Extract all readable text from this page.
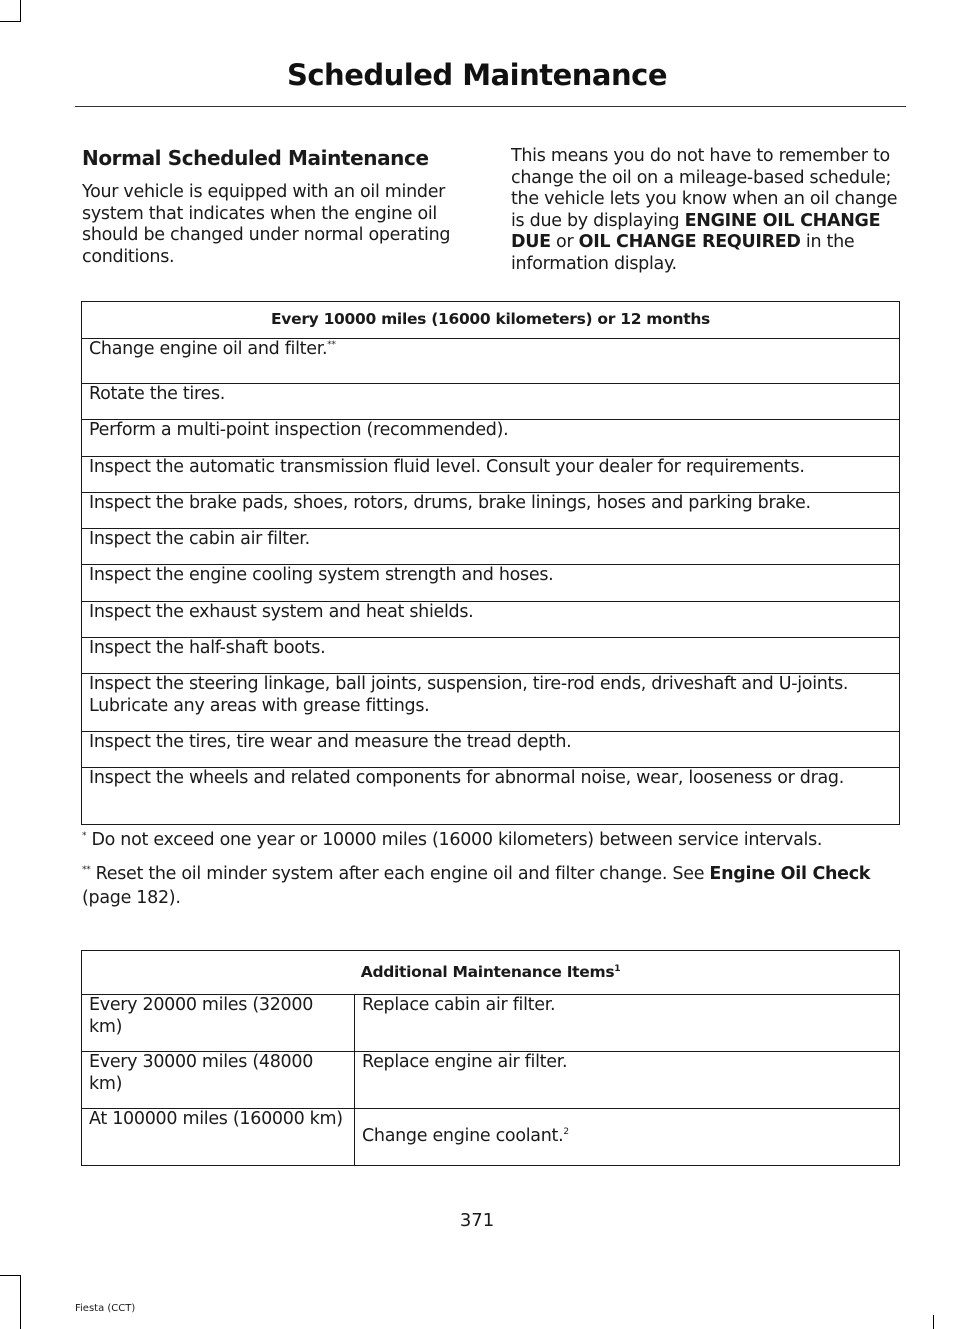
Scheduled Maintenance
Normal Scheduled Maintenance

Your vehicle is equipped with an oil minder system that indicates when the engine oil should be changed under normal operating conditions.

This means you do not have to remember to change the oil on a mileage-based schedule; the vehicle lets you know when an oil change is due by displaying ENGINE OIL CHANGE DUE or OIL CHANGE REQUIRED in the information display.

Every 10000 miles (16000 kilometers) or 12 months
Change engine oil and filter.**
Rotate the tires.
Perform a multi-point inspection (recommended).
Inspect the automatic transmission fluid level. Consult your dealer for requirements.
Inspect the brake pads, shoes, rotors, drums, brake linings, hoses and parking brake.
Inspect the cabin air filter.
Inspect the engine cooling system strength and hoses.
Inspect the exhaust system and heat shields.
Inspect the half-shaft boots.
Inspect the steering linkage, ball joints, suspension, tire-rod ends, driveshaft and U-joints. Lubricate any areas with grease fittings.
Inspect the tires, tire wear and measure the tread depth.
Inspect the wheels and related components for abnormal noise, wear, looseness or drag.
* Do not exceed one year or 10000 miles (16000 kilometers) between service intervals.
** Reset the oil minder system after each engine oil and filter change. See Engine Oil Check (page 182).
Additional Maintenance Items$^1$
Every 20000 miles (32000 km)	Replace cabin air filter.
Every 30000 miles (48000 km)	Replace engine air filter.
At 100000 miles (160000 km)	Change engine coolant.$^2$
371
Fiesta (CCT)
